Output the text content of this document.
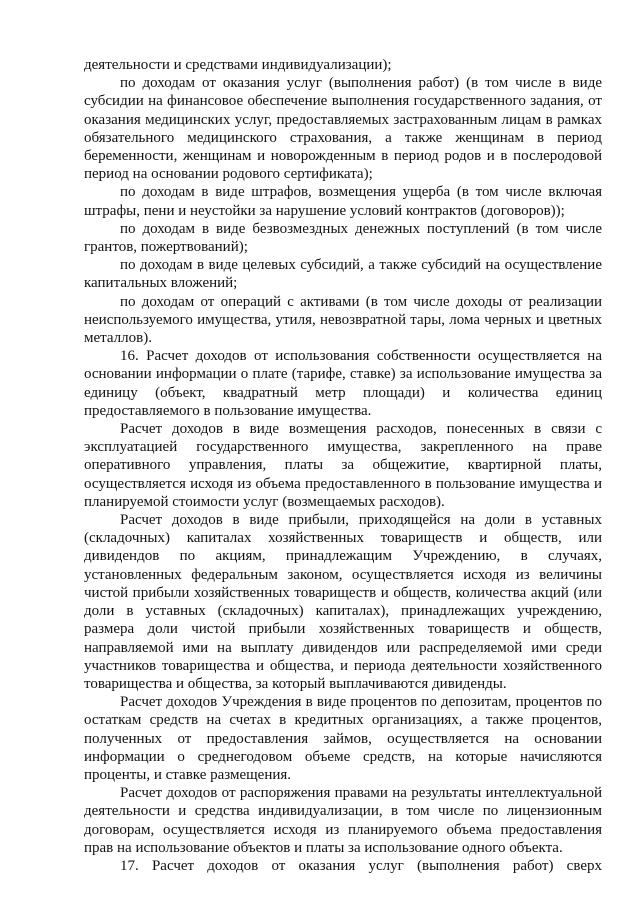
деятельности и средствами индивидуализации);

по доходам от оказания услуг (выполнения работ) (в том числе в виде субсидии на финансовое обеспечение выполнения государственного задания, от оказания медицинских услуг, предоставляемых застрахованным лицам в рамках обязательного медицинского страхования, а также женщинам в период беременности, женщинам и новорожденным в период родов и в послеродовой период на основании родового сертификата);

по доходам в виде штрафов, возмещения ущерба (в том числе включая штрафы, пени и неустойки за нарушение условий контрактов (договоров));

по доходам в виде безвозмездных денежных поступлений (в том числе грантов, пожертвований);

по доходам в виде целевых субсидий, а также субсидий на осуществление капитальных вложений;

по доходам от операций с активами (в том числе доходы от реализации неиспользуемого имущества, утиля, невозвратной тары, лома черных и цветных металлов).

16. Расчет доходов от использования собственности осуществляется на основании информации о плате (тарифе, ставке) за использование имущества за единицу (объект, квадратный метр площади) и количества единиц предоставляемого в пользование имущества.

Расчет доходов в виде возмещения расходов, понесенных в связи с эксплуатацией государственного имущества, закрепленного на праве оперативного управления, платы за общежитие, квартирной платы, осуществляется исходя из объема предоставленного в пользование имущества и планируемой стоимости услуг (возмещаемых расходов).

Расчет доходов в виде прибыли, приходящейся на доли в уставных (складочных) капиталах хозяйственных товариществ и обществ, или дивидендов по акциям, принадлежащим Учреждению, в случаях, установленных федеральным законом, осуществляется исходя из величины чистой прибыли хозяйственных товариществ и обществ, количества акций (или доли в уставных (складочных) капиталах), принадлежащих учреждению, размера доли чистой прибыли хозяйственных товариществ и обществ, направляемой ими на выплату дивидендов или распределяемой ими среди участников товарищества и общества, и периода деятельности хозяйственного товарищества и общества, за который выплачиваются дивиденды.

Расчет доходов Учреждения в виде процентов по депозитам, процентов по остаткам средств на счетах в кредитных организациях, а также процентов, полученных от предоставления займов, осуществляется на основании информации о среднегодовом объеме средств, на которые начисляются проценты, и ставке размещения.

Расчет доходов от распоряжения правами на результаты интеллектуальной деятельности и средства индивидуализации, в том числе по лицензионным договорам, осуществляется исходя из планируемого объема предоставления прав на использование объектов и платы за использование одного объекта.

17. Расчет доходов от оказания услуг (выполнения работ) сверх
